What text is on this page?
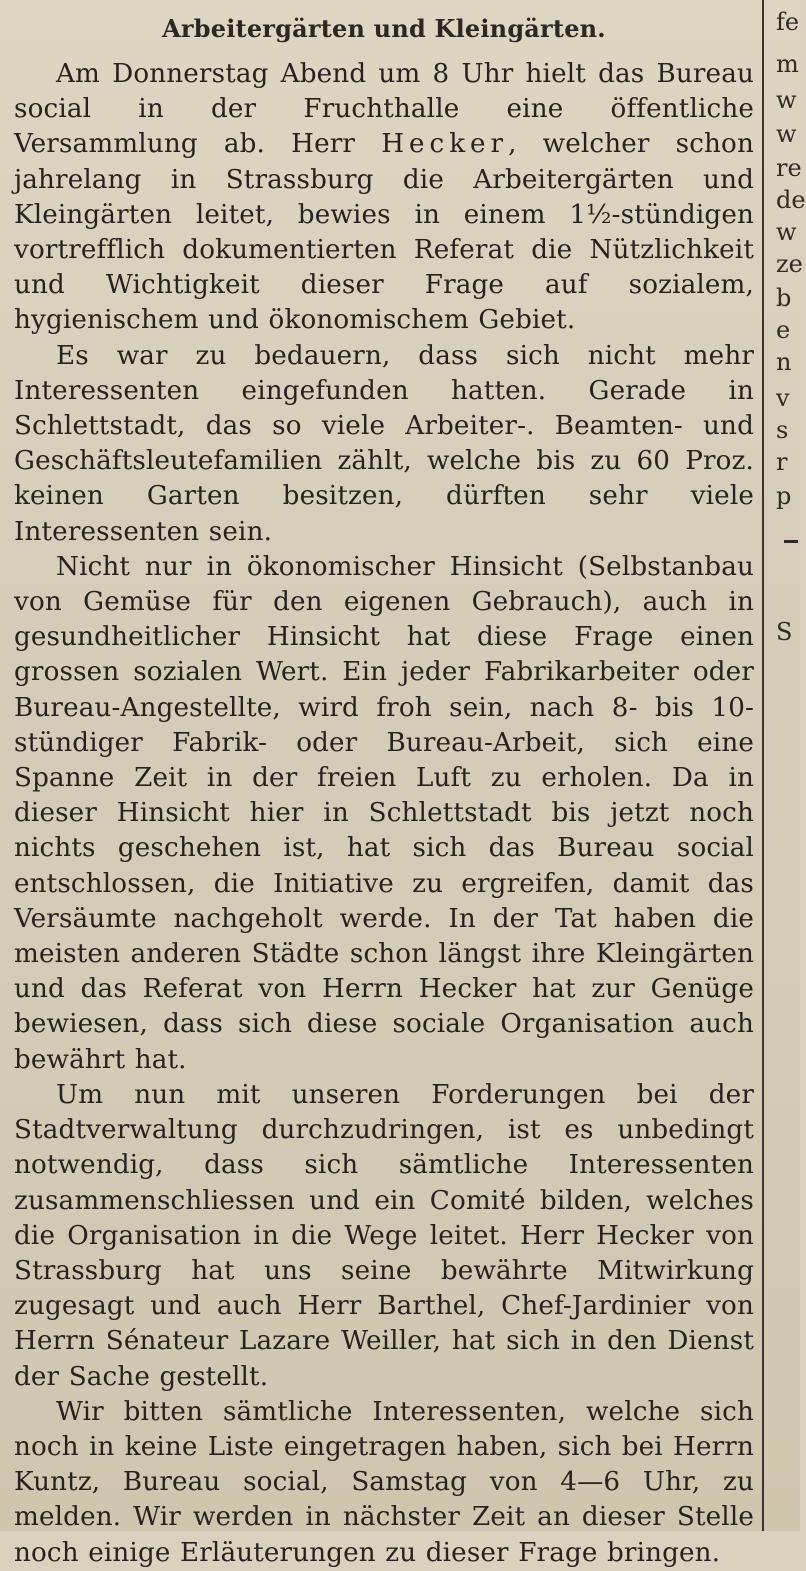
Arbeitergärten und Kleingärten.

Am Donnerstag Abend um 8 Uhr hielt das Bureau social in der Fruchthalle eine öffentliche Versammlung ab. Herr Hecker, welcher schon jahrelang in Strassburg die Arbeitergärten und Kleingärten leitet, bewies in einem 1½-stündigen vortrefflich dokumentierten Referat die Nützlichkeit und Wichtigkeit dieser Frage auf sozialem, hygienischem und ökonomischem Gebiet.

Es war zu bedauern, dass sich nicht mehr Interessenten eingefunden hatten. Gerade in Schlettstadt, das so viele Arbeiter-. Beamten- und Geschäftsleutefamilien zählt, welche bis zu 60 Proz. keinen Garten besitzen, dürften sehr viele Interessenten sein.

Nicht nur in ökonomischer Hinsicht (Selbstanbau von Gemüse für den eigenen Gebrauch), auch in gesundheitlicher Hinsicht hat diese Frage einen grossen sozialen Wert. Ein jeder Fabrikarbeiter oder Bureau-Angestellte, wird froh sein, nach 8- bis 10-stündiger Fabrik- oder Bureau-Arbeit, sich eine Spanne Zeit in der freien Luft zu erholen. Da in dieser Hinsicht hier in Schlettstadt bis jetzt noch nichts geschehen ist, hat sich das Bureau social entschlossen, die Initiative zu ergreifen, damit das Versäumte nachgeholt werde. In der Tat haben die meisten anderen Städte schon längst ihre Kleingärten und das Referat von Herrn Hecker hat zur Genüge bewiesen, dass sich diese sociale Organisation auch bewährt hat.

Um nun mit unseren Forderungen bei der Stadtverwaltung durchzudringen, ist es unbedingt notwendig, dass sich sämtliche Interessenten zusammenschliessen und ein Comité bilden, welches die Organisation in die Wege leitet. Herr Hecker von Strassburg hat uns seine bewährte Mitwirkung zugesagt und auch Herr Barthel, Chef-Jardinier von Herrn Sénateur Lazare Weiller, hat sich in den Dienst der Sache gestellt.

Wir bitten sämtliche Interessenten, welche sich noch in keine Liste eingetragen haben, sich bei Herrn Kuntz, Bureau social, Samstag von 4—6 Uhr, zu melden. Wir werden in nächster Zeit an dieser Stelle noch einige Erläuterungen zu dieser Frage bringen.

fe
m
w
w
re
de
w
ze
b
e
n
v
s
r
p
S
